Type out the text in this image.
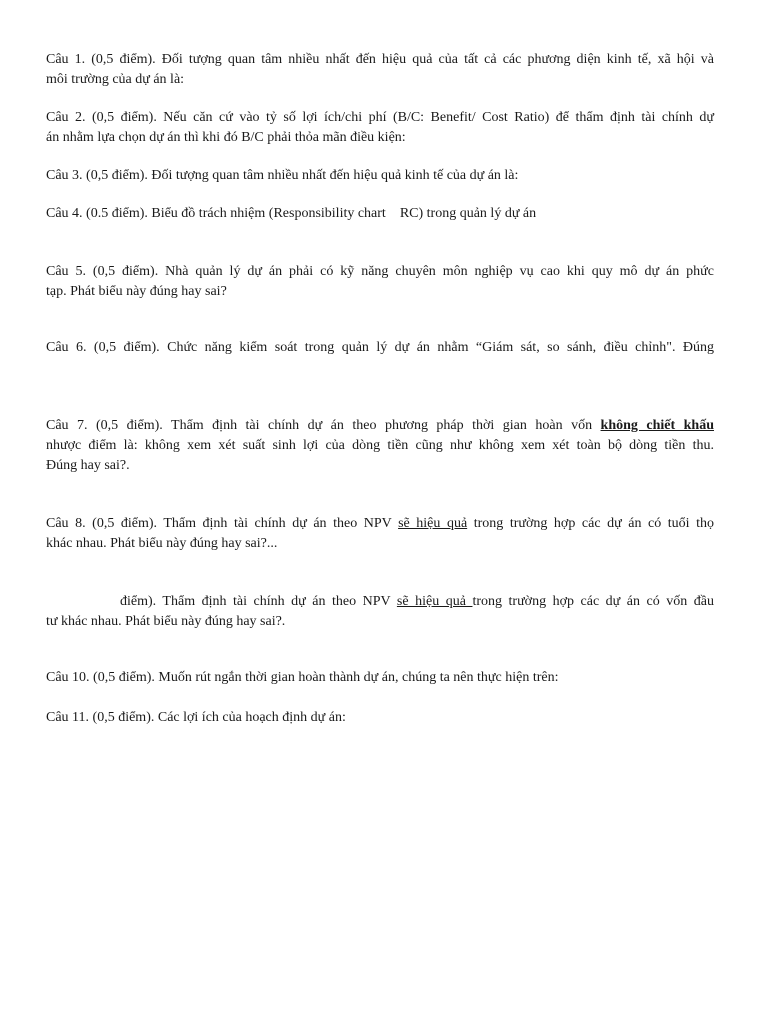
Câu 1. (0,5 điểm). Đối tượng quan tâm nhiều nhất đến hiệu quả của tất cả các phương diện kinh tế, xã hội và
môi trường của dự án là:
Câu 2. (0,5 điểm). Nếu căn cứ vào tỷ số lợi ích/chi phí (B/C: Benefit/ Cost Ratio) để thẩm định tài chính dự
án nhằm lựa chọn dự án thì khi đó B/C phải thỏa mãn điều kiện:
Câu 3. (0,5 điểm). Đối tượng quan tâm nhiều nhất đến hiệu quả kinh tế của dự án là:
Câu 4. (0.5 điểm). Biểu đồ trách nhiệm (Responsibility chart    RC) trong quản lý dự án
Câu 5. (0,5 điểm). Nhà quản lý dự án phải có kỹ năng chuyên môn nghiệp vụ cao khi quy mô dự án phức
tạp. Phát biểu này đúng hay sai?
Câu 6. (0,5 điểm). Chức năng kiểm soát trong quản lý dự án nhằm “Giám sát, so sánh, điều chỉnh". Đúng
Câu 7. (0,5 điểm). Thẩm định tài chính dự án theo phương pháp thời gian hoàn vốn không chiết khấu
nhược điểm là: không xem xét suất sinh lợi của dòng tiền cũng như không xem xét toàn bộ dòng tiền thu.
Đúng hay sai?.
Câu 8. (0,5 điểm). Thẩm định tài chính dự án theo NPV sẽ hiệu quả trong trường hợp các dự án có tuổi thọ
khác nhau. Phát biểu này đúng hay sai?...
điểm). Thẩm định tài chính dự án theo NPV sẽ hiệu quả trong trường hợp các dự án có vốn đầu
tư khác nhau. Phát biểu này đúng hay sai?.
Câu 10. (0,5 điểm). Muốn rút ngắn thời gian hoàn thành dự án, chúng ta nên thực hiện trên:
Câu 11. (0,5 điểm). Các lợi ích của hoạch định dự án:
